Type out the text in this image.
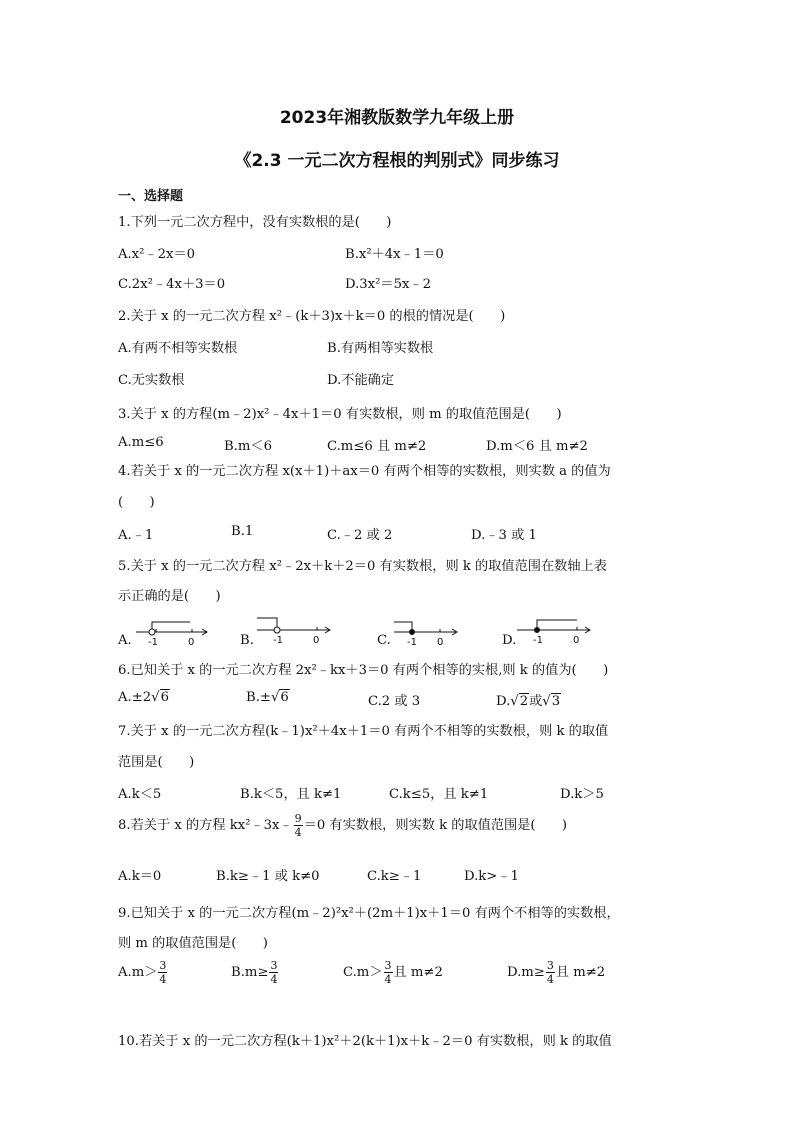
2023年湘教版数学九年级上册
《2.3 一元二次方程根的判别式》同步练习
一、选择题
1.下列一元二次方程中，没有实数根的是(　　)
A.x²﹣2x＝0	B.x²＋4x﹣1＝0
C.2x²﹣4x＋3＝0	D.3x²＝5x﹣2
2.关于 x 的一元二次方程 x²﹣(k＋3)x＋k＝0 的根的情况是(　　)
A.有两不相等实数根	B.有两相等实数根
C.无实数根	D.不能确定
3.关于 x 的方程(m﹣2)x²﹣4x＋1＝0 有实数根，则 m 的取值范围是(　　)
A.m≤6	B.m＜6	C.m≤6 且 m≠2	D.m＜6 且 m≠2
4.若关于 x 的一元二次方程 x(x＋1)＋ax＝0 有两个相等的实数根，则实数 a 的值为
(　　)
A.﹣1	B.1	C.﹣2 或 2	D.﹣3 或 1
5.关于 x 的一元二次方程 x²﹣2x＋k＋2＝0 有实数根，则 k 的取值范围在数轴上表
示正确的是(　　)
A. -1	0	B. -1	0	C. -1 0	D. -1	0
6.已知关于 x 的一元二次方程 2x²﹣kx＋3＝0 有两个相等的实根,则 k 的值为(　　)
A.±2√6	B.±√6	C.2 或 3	D.√2或√3
7.关于 x 的一元二次方程(k﹣1)x²＋4x＋1＝0 有两个不相等的实数根，则 k 的取值
范围是(　　)
A.k＜5	B.k＜5，且 k≠1	C.k≤5，且 k≠1	D.k＞5
8.若关于 x 的方程 kx²﹣3x﹣ $\frac{9}{4} =0$ 有实数根，则实数 k 的取值范围是(　　)
A.k＝0	B.k≥﹣1 或 k≠0	C.k≥﹣1	D.k>﹣1
9.已知关于 x 的一元二次方程(m﹣2)²x²＋(2m＋1)x＋1＝0 有两个不相等的实数根，
则 m 的取值范围是(　　)
$A.m> \frac{3}{4}$	$B.m\ge \frac{3}{4}$	$C.m> \frac{3}{4}$ 且 m≠2	$D.m\ge \frac{3}{4}$ 且 m≠2
10.若关于 x 的一元二次方程(k＋1)x²＋2(k＋1)x＋k﹣2＝0 有实数根，则 k 的取值
